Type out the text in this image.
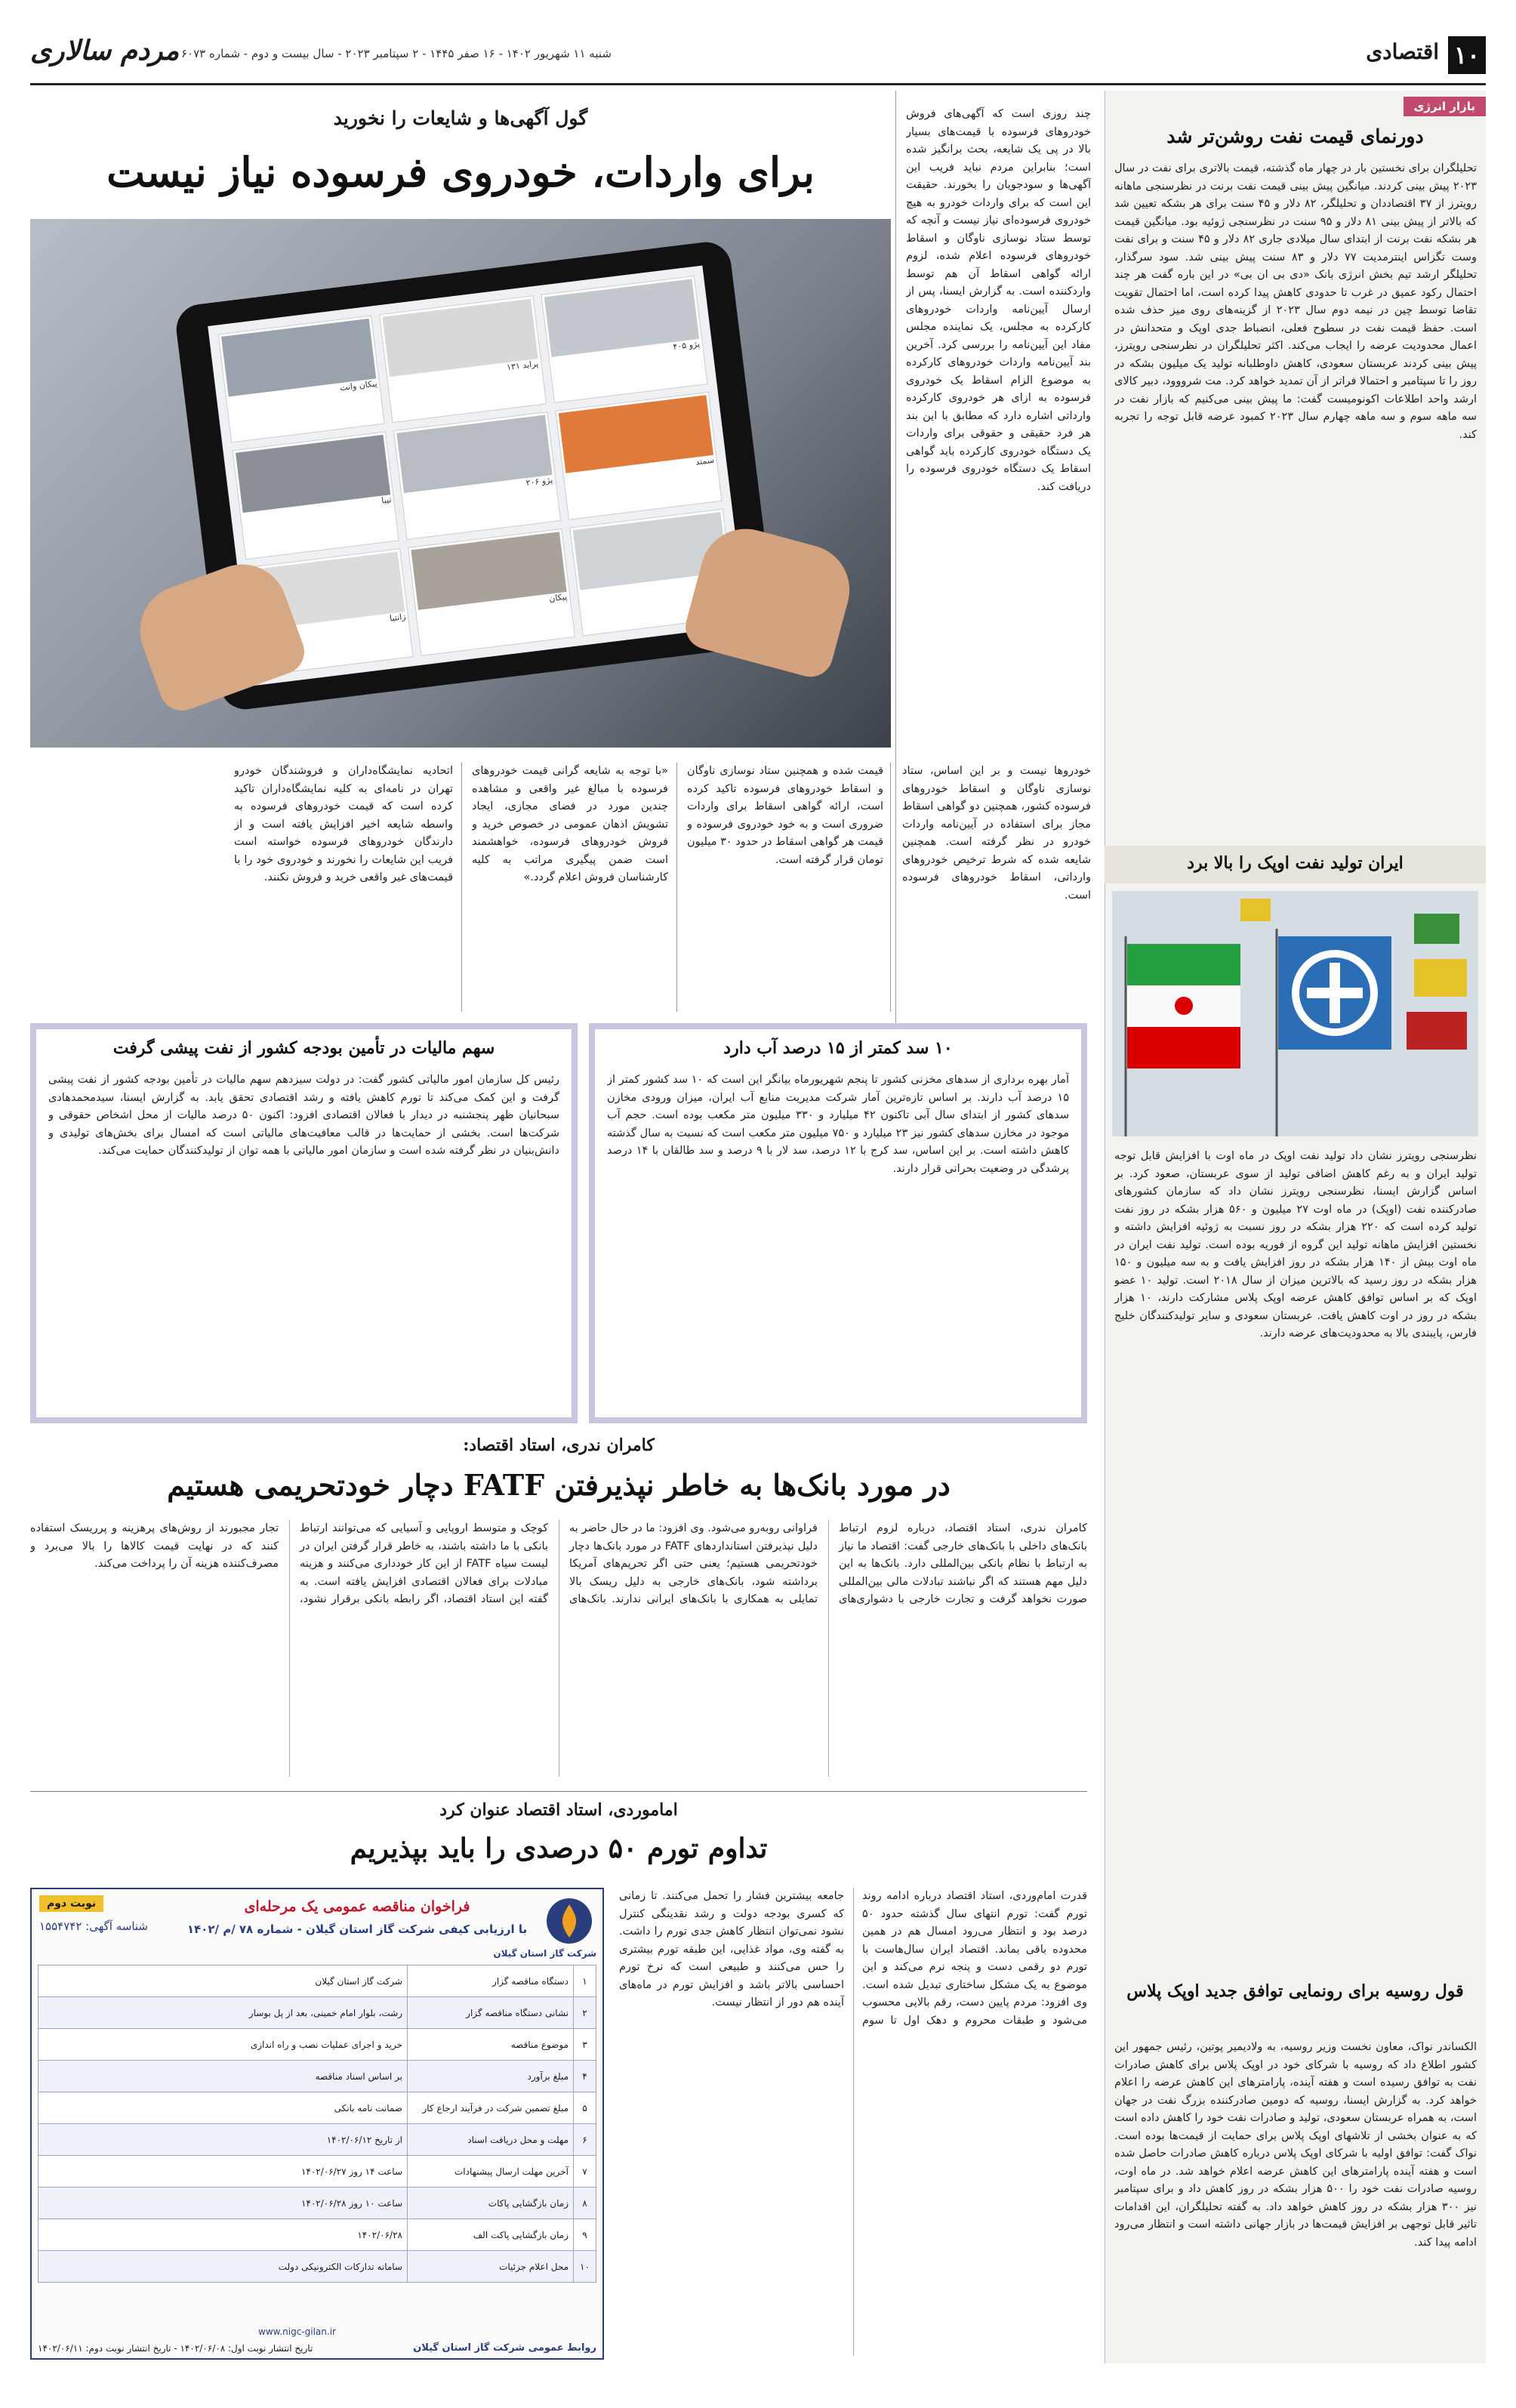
۱۰
اقتصادی
مردم سالاری شنبه ۱۱ شهریور ۱۴۰۲ - ۱۶ صفر ۱۴۴۵ - ۲ سپتامبر ۲۰۲۳ - سال بیست و دوم - شماره ۶۰۷۳
بازار انرژی
دورنمای قیمت نفت روشن‌تر شد

تحلیلگران برای نخستین بار در چهار ماه گذشته، قیمت بالاتری برای نفت در سال ۲۰۲۳ پیش بینی کردند. میانگین پیش بینی قیمت نفت برنت در نظرسنجی ماهانه رویترز از ۳۷ اقتصاددان و تحلیلگر، ۸۲ دلار و ۴۵ سنت برای هر بشکه تعیین شد که بالاتر از پیش بینی ۸۱ دلار و ۹۵ سنت در نظرسنجی ژوئیه بود. میانگین قیمت هر بشکه نفت برنت از ابتدای سال میلادی جاری ۸۲ دلار و ۴۵ سنت و برای نفت وست تگزاس اینترمدیت ۷۷ دلار و ۸۳ سنت پیش بینی شد. سود سرگذار، تحلیلگر ارشد تیم بخش انرژی بانک «دی بی ان بی» در این باره گفت هر چند احتمال رکود عمیق در غرب تا حدودی کاهش پیدا کرده است، اما احتمال تقویت تقاضا توسط چین در نیمه دوم سال ۲۰۲۳ از گزینه‌های روی میز حذف شده است. حفظ قیمت نفت در سطوح فعلی، انضباط جدی اوپک و متحدانش در اعمال محدودیت عرضه را ایجاب می‌کند. اکثر تحلیلگران در نظرسنجی رویترز، پیش بینی کردند عربستان سعودی، کاهش داوطلبانه تولید یک میلیون بشکه در روز را تا سپتامبر و احتمالا فراتر از آن تمدید خواهد کرد. مت شرووود، دبیر کالای ارشد واحد اطلاعات اکونومیست گفت: ما پیش بینی می‌کنیم که بازار نفت در سه ماهه سوم و سه ماهه چهارم سال ۲۰۲۳ کمبود عرضه قابل توجه را تجربه کند.

ایران تولید نفت اوپک را بالا برد

نظرسنجی رویترز نشان داد تولید نفت اوپک در ماه اوت با افزایش قابل توجه تولید ایران و به رغم کاهش اضافی تولید از سوی عربستان، صعود کرد. بر اساس گزارش ایسنا، نظرسنجی رویترز نشان داد که سازمان کشورهای صادرکننده نفت (اوپک) در ماه اوت ۲۷ میلیون و ۵۶۰ هزار بشکه در روز نفت تولید کرده است که ۲۲۰ هزار بشکه در روز نسبت به ژوئیه افزایش داشته و نخستین افزایش ماهانه تولید این گروه از فوریه بوده است. تولید نفت ایران در ماه اوت بیش از ۱۴۰ هزار بشکه در روز افزایش یافت و به سه میلیون و ۱۵۰ هزار بشکه در روز رسید که بالاترین میزان از سال ۲۰۱۸ است. تولید ۱۰ عضو اوپک که بر اساس توافق کاهش عرضه اوپک پلاس مشارکت دارند، ۱۰ هزار بشکه در روز در اوت کاهش یافت. عربستان سعودی و سایر تولیدکنندگان خلیج فارس، پایبندی بالا به محدودیت‌های عرضه دارند.

قول روسیه برای رونمایی توافق جدید اوپک پلاس

الکساندر نواک، معاون نخست وزیر روسیه، به ولادیمیر پوتین، رئیس جمهور این کشور اطلاع داد که روسیه با شرکای خود در اوپک پلاس برای کاهش صادرات نفت به توافق رسیده است و هفته آینده، پارامترهای این کاهش عرضه را اعلام خواهد کرد. به گزارش ایسنا، روسیه که دومین صادرکننده بزرگ نفت در جهان است، به همراه عربستان سعودی، تولید و صادرات نفت خود را کاهش داده است که به عنوان بخشی از تلاشهای اوپک پلاس برای حمایت از قیمت‌ها بوده است. نواک گفت: توافق اولیه با شرکای اوپک پلاس درباره کاهش صادرات حاصل شده است و هفته آینده پارامترهای این کاهش عرضه اعلام خواهد شد. در ماه اوت، روسیه صادرات نفت خود را ۵۰۰ هزار بشکه در روز کاهش داد و برای سپتامبر نیز ۳۰۰ هزار بشکه در روز کاهش خواهد داد. به گفته تحلیلگران، این اقدامات تاثیر قابل توجهی بر افزایش قیمت‌ها در بازار جهانی داشته است و انتظار می‌رود ادامه پیدا کند.

گول آگهی‌ها و شایعات را نخورید
برای واردات، خودروی فرسوده نیاز نیست

چند روزی است که آگهی‌های فروش خودروهای فرسوده با قیمت‌های بسیار بالا در پی یک شایعه، بحث برانگیز شده است؛ بنابراین مردم نباید فریب این آگهی‌ها و سودجویان را بخورند. حقیقت این است که برای واردات خودرو به هیچ خودروی فرسوده‌ای نیاز نیست و آنچه که توسط ستاد نوسازی ناوگان و اسقاط خودروهای فرسوده اعلام شده، لزوم ارائه گواهی اسقاط آن هم توسط واردکننده است. به گزارش ایسنا، پس از ارسال آیین‌نامه واردات خودروهای کارکرده به مجلس، یک نماینده مجلس مفاد این آیین‌نامه را بررسی کرد. آخرین بند آیین‌نامه واردات خودروهای کارکرده به موضوع الزام اسقاط یک خودروی فرسوده به ازای هر خودروی کارکرده وارداتی اشاره دارد که مطابق با این بند هر فرد حقیقی و حقوقی برای واردات یک دستگاه خودروی کارکرده باید گواهی اسقاط یک دستگاه خودروی فرسوده را دریافت کند.

پژو ۴۰۵
پراید ۱۳۱
پیکان وانت
سمند
پژو ۲۰۶
تیبا
پیکان
زانتیا

خودروها نیست و بر این اساس، ستاد نوسازی ناوگان و اسقاط خودروهای فرسوده کشور، همچنین دو گواهی اسقاط مجاز برای استفاده در آیین‌نامه واردات خودرو در نظر گرفته است. همچنین شایعه شده که شرط ترخیص خودروهای وارداتی، اسقاط خودروهای فرسوده است.

قیمت شده و همچنین ستاد نوسازی ناوگان و اسقاط خودروهای فرسوده تاکید کرده است، ارائه گواهی اسقاط برای واردات ضروری است و به خود خودروی فرسوده و قیمت هر گواهی اسقاط در حدود ۳۰ میلیون تومان قرار گرفته است.

«با توجه به شایعه گرانی قیمت خودروهای فرسوده با مبالغ غیر واقعی و مشاهده چندین مورد در فضای مجازی، ایجاد تشویش اذهان عمومی در خصوص خرید و فروش خودروهای فرسوده، خواهشمند است ضمن پیگیری مراتب به کلیه کارشناسان فروش اعلام گردد.»

اتحادیه نمایشگاه‌داران و فروشندگان خودرو تهران در نامه‌ای به کلیه نمایشگاه‌داران تاکید کرده است که قیمت خودروهای فرسوده به واسطه شایعه اخیر افزایش یافته است و از دارندگان خودروهای فرسوده خواسته است فریب این شایعات را نخورند و خودروی خود را با قیمت‌های غیر واقعی خرید و فروش نکنند.

۱۰ سد کمتر از ۱۵ درصد آب دارد

آمار بهره برداری از سدهای مخزنی کشور تا پنجم شهریورماه بیانگر این است که ۱۰ سد کشور کمتر از ۱۵ درصد آب دارند. بر اساس تازه‌ترین آمار شرکت مدیریت منابع آب ایران، میزان ورودی مخازن سدهای کشور از ابتدای سال آبی تاکنون ۴۲ میلیارد و ۳۳۰ میلیون متر مکعب بوده است. حجم آب موجود در مخازن سدهای کشور نیز ۲۳ میلیارد و ۷۵۰ میلیون متر مکعب است که نسبت به سال گذشته کاهش داشته است. بر این اساس، سد کرج با ۱۲ درصد، سد لار با ۹ درصد و سد طالقان با ۱۴ درصد پرشدگی در وضعیت بحرانی قرار دارند.

سهم مالیات در تأمین بودجه کشور از نفت پیشی گرفت

رئیس کل سازمان امور مالیاتی کشور گفت: در دولت سیزدهم سهم مالیات در تأمین بودجه کشور از نفت پیشی گرفت و این کمک می‌کند تا تورم کاهش یافته و رشد اقتصادی تحقق یابد. به گزارش ایسنا، سیدمحمدهادی سبحانیان ظهر پنجشنبه در دیدار با فعالان اقتصادی افزود: اکنون ۵۰ درصد مالیات از محل اشخاص حقوقی و شرکت‌ها است. بخشی از حمایت‌ها در قالب معافیت‌های مالیاتی است که امسال برای بخش‌های تولیدی و دانش‌بنیان در نظر گرفته شده است و سازمان امور مالیاتی با همه توان از تولیدکنندگان حمایت می‌کند.

کامران ندری، استاد اقتصاد:
در مورد بانک‌ها به خاطر نپذیرفتن FATF دچار خودتحریمی هستیم

کامران ندری، استاد اقتصاد، درباره لزوم ارتباط بانک‌های داخلی با بانک‌های خارجی گفت: اقتصاد ما نیاز به ارتباط با نظام بانکی بین‌المللی دارد. بانک‌ها به این دلیل مهم هستند که اگر نباشند تبادلات مالی بین‌المللی صورت نخواهد گرفت و تجارت خارجی با دشواری‌های فراوانی روبه‌رو می‌شود. وی افزود: ما در حال حاضر به دلیل نپذیرفتن استانداردهای FATF در مورد بانک‌ها دچار خودتحریمی هستیم؛ یعنی حتی اگر تحریم‌های آمریکا برداشته شود، بانک‌های خارجی به دلیل ریسک بالا تمایلی به همکاری با بانک‌های ایرانی ندارند. بانک‌های کوچک و متوسط اروپایی و آسیایی که می‌توانند ارتباط بانکی با ما داشته باشند، به خاطر قرار گرفتن ایران در لیست سیاه FATF از این کار خودداری می‌کنند و هزینه مبادلات برای فعالان اقتصادی افزایش یافته است. به گفته این استاد اقتصاد، اگر رابطه بانکی برقرار نشود، تجار مجبورند از روش‌های پرهزینه و پرریسک استفاده کنند که در نهایت قیمت کالاها را بالا می‌برد و مصرف‌کننده هزینه آن را پرداخت می‌کند.

اماموردی، استاد اقتصاد عنوان کرد
تداوم تورم ۵۰ درصدی را باید بپذیریم

قدرت امام‌وردی، استاد اقتصاد درباره ادامه روند تورم گفت: تورم انتهای سال گذشته حدود ۵۰ درصد بود و انتظار می‌رود امسال هم در همین محدوده باقی بماند. اقتصاد ایران سال‌هاست با تورم دو رقمی دست و پنجه نرم می‌کند و این موضوع به یک مشکل ساختاری تبدیل شده است. وی افزود: مردم پایین دست، رقم بالایی محسوب می‌شود و طبقات محروم و دهک اول تا سوم جامعه بیشترین فشار را تحمل می‌کنند. تا زمانی که کسری بودجه دولت و رشد نقدینگی کنترل نشود نمی‌توان انتظار کاهش جدی تورم را داشت. به گفته وی، مواد غذایی، این طبقه تورم بیشتری را حس می‌کنند و طبیعی است که نرخ تورم احساسی بالاتر باشد و افزایش تورم در ماه‌های آینده هم دور از انتظار نیست.

نوبت دوم
شناسه آگهی: ۱۵۵۴۷۴۲
فراخوان مناقصه عمومی یک مرحله‌ای
با ارزیابی کیفی شرکت گاز استان گیلان - شماره ۷۸ /م /۱۴۰۲
شرکت گاز استان گیلان
۱	دستگاه مناقصه گزار	شرکت گاز استان گیلان
۲	نشانی دستگاه مناقصه گزار	رشت، بلوار امام خمینی، بعد از پل بوسار
۳	موضوع مناقصه	خرید و اجرای عملیات نصب و راه اندازی
۴	مبلغ برآورد	بر اساس اسناد مناقصه
۵	مبلغ تضمین شرکت در فرآیند ارجاع کار	ضمانت نامه بانکی
۶	مهلت و محل دریافت اسناد	از تاریخ ۱۴۰۲/۰۶/۱۲
۷	آخرین مهلت ارسال پیشنهادات	ساعت ۱۴ روز ۱۴۰۲/۰۶/۲۷
۸	زمان بازگشایی پاکات	ساعت ۱۰ روز ۱۴۰۲/۰۶/۲۸
۹	زمان بازگشایی پاکت الف	۱۴۰۲/۰۶/۲۸
۱۰	محل اعلام جزئیات	سامانه تدارکات الکترونیکی دولت
www.nigc-gilan.ir
تاریخ انتشار نوبت اول: ۱۴۰۲/۰۶/۰۸ - تاریخ انتشار نوبت دوم: ۱۴۰۲/۰۶/۱۱	روابط عمومی شرکت گاز استان گیلان
